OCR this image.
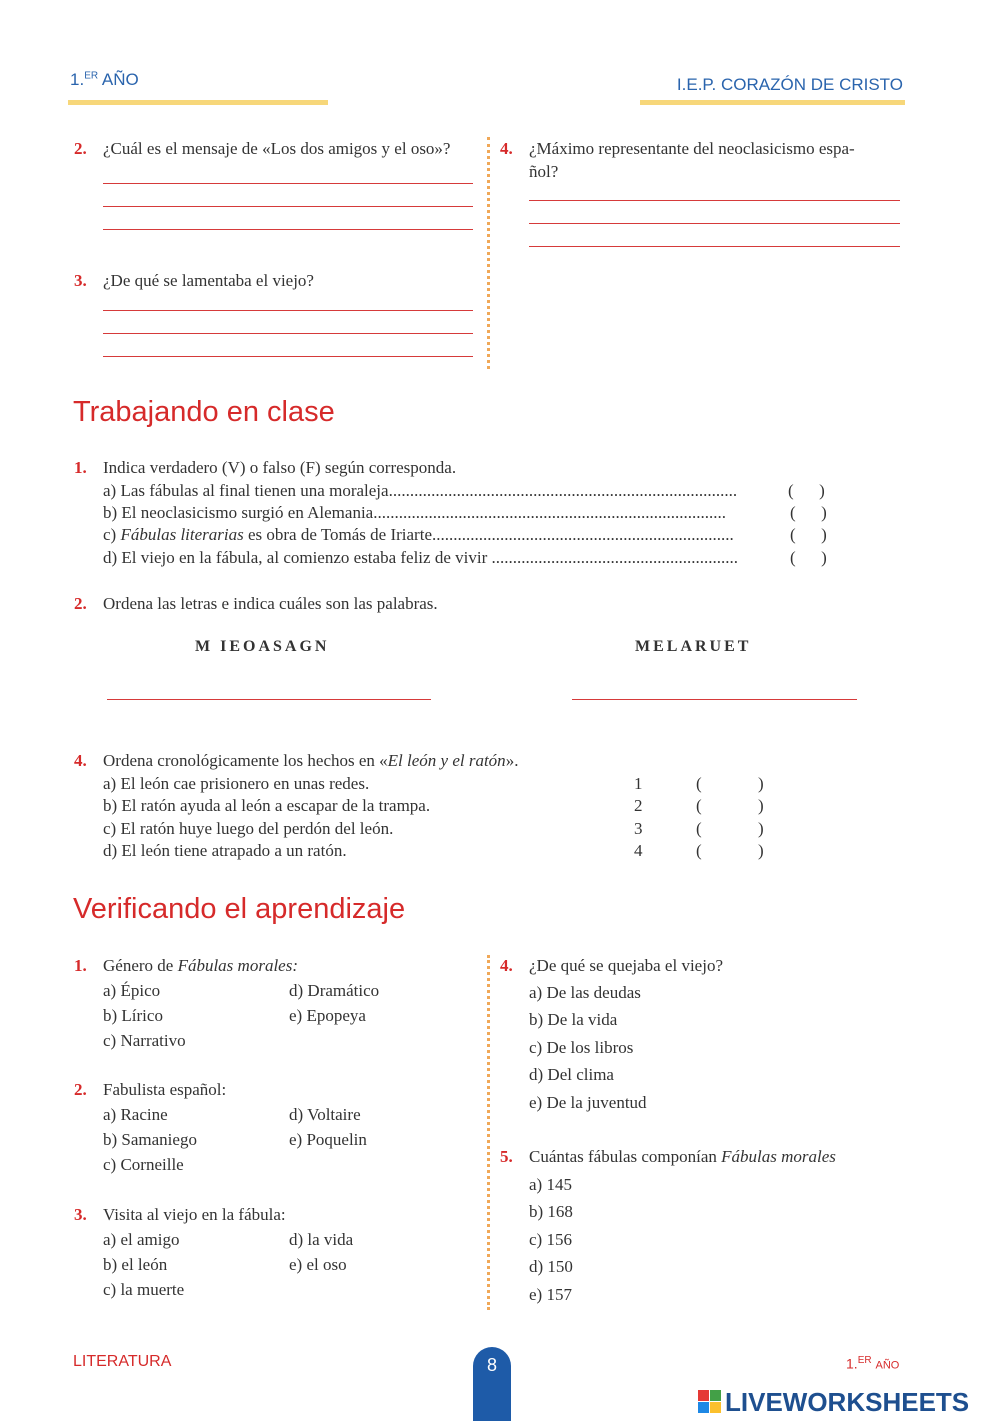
1.$^{ER}$ AÑO	I.E.P. CORAZÓN DE CRISTO
2. ¿Cuál es el mensaje de «Los dos amigos y el oso»?
3. ¿De qué se lamentaba el viejo?
4. ¿Máximo representante del neoclasicismo espa-
ñol?
Trabajando en clase
1. Indica verdadero (V) o falso (F) según corresponda.
a) Las fábulas al final tienen una moraleja..................................................................................	(      )
b) El neoclasicismo surgió en Alemania...................................................................................	(      )
c) Fábulas literarias es obra de Tomás de Iriarte.......................................................................	(      )
d) El viejo en la fábula, al comienzo estaba feliz de vivir ..........................................................	(      )
2. Ordena las letras e indica cuáles son las palabras.
M IEOASAGN	MELARUET
4. Ordena cronológicamente los hechos en «El león y el ratón».
a) El león cae prisionero en unas redes.	1	(	)
b) El ratón ayuda al león a escapar de la trampa.	2	(	)
c) El ratón huye luego del perdón del león.	3	(	)
d) El león tiene atrapado a un ratón.	4	(	)
Verificando el aprendizaje
1. Género de Fábulas morales:
a) Épico
b) Lírico
c) Narrativo
d) Dramático
e) Epopeya
2. Fabulista español:
a) Racine
b) Samaniego
c) Corneille
d) Voltaire
e) Poquelin
3. Visita al viejo en la fábula:
a) el amigo
b) el león
c) la muerte
d) la vida
e) el oso
4. ¿De qué se quejaba el viejo?
a) De las deudas
b) De la vida
c) De los libros
d) Del clima
e) De la juventud
5. Cuántas fábulas componían Fábulas morales
a) 145
b) 168
c) 156
d) 150
e) 157
LITERATURA	8	1.$^{ER}$ AÑO
LIVEWORKSHEETS
